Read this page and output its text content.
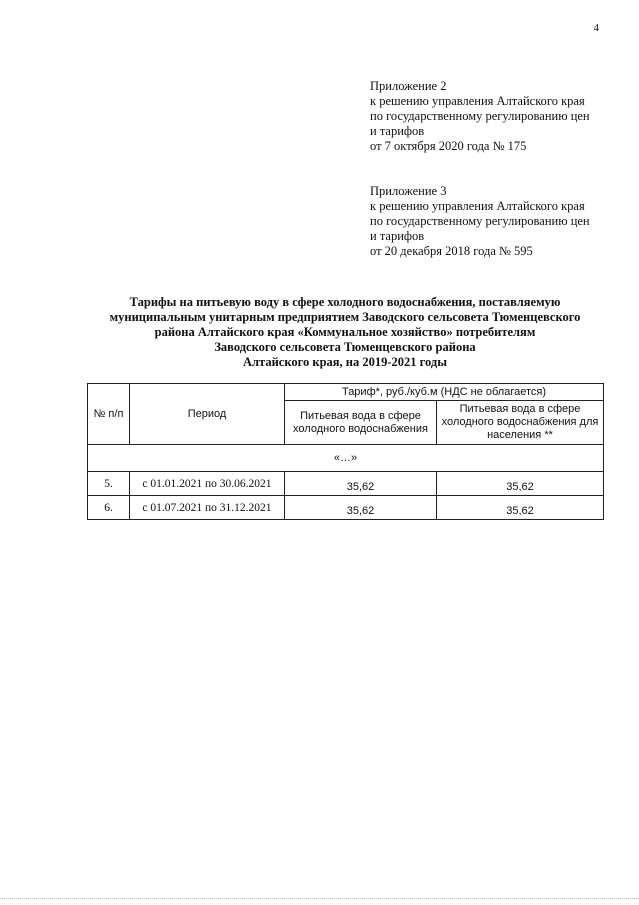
4
Приложение 2
к решению управления Алтайского края
по государственному регулированию цен
и тарифов
от 7 октября 2020 года № 175
Приложение 3
к решению управления Алтайского края
по государственному регулированию цен
и тарифов
от 20 декабря 2018 года № 595
Тарифы на питьевую воду в сфере холодного водоснабжения, поставляемую
муниципальным унитарным предприятием Заводского сельсовета Тюменцевского
района Алтайского края «Коммунальное хозяйство» потребителям
Заводского сельсовета Тюменцевского района
Алтайского края, на 2019-2021 годы
№ п/п	Период	Тариф*, руб./куб.м (НДС не облагается)	
		Питьевая вода в сфере холодного водоснабжения	Питьевая вода в сфере холодного водоснабжения для населения **
«…»			
5.	с 01.01.2021 по 30.06.2021	35,62	35,62
6.	с 01.07.2021 по 31.12.2021	35,62	35,62
